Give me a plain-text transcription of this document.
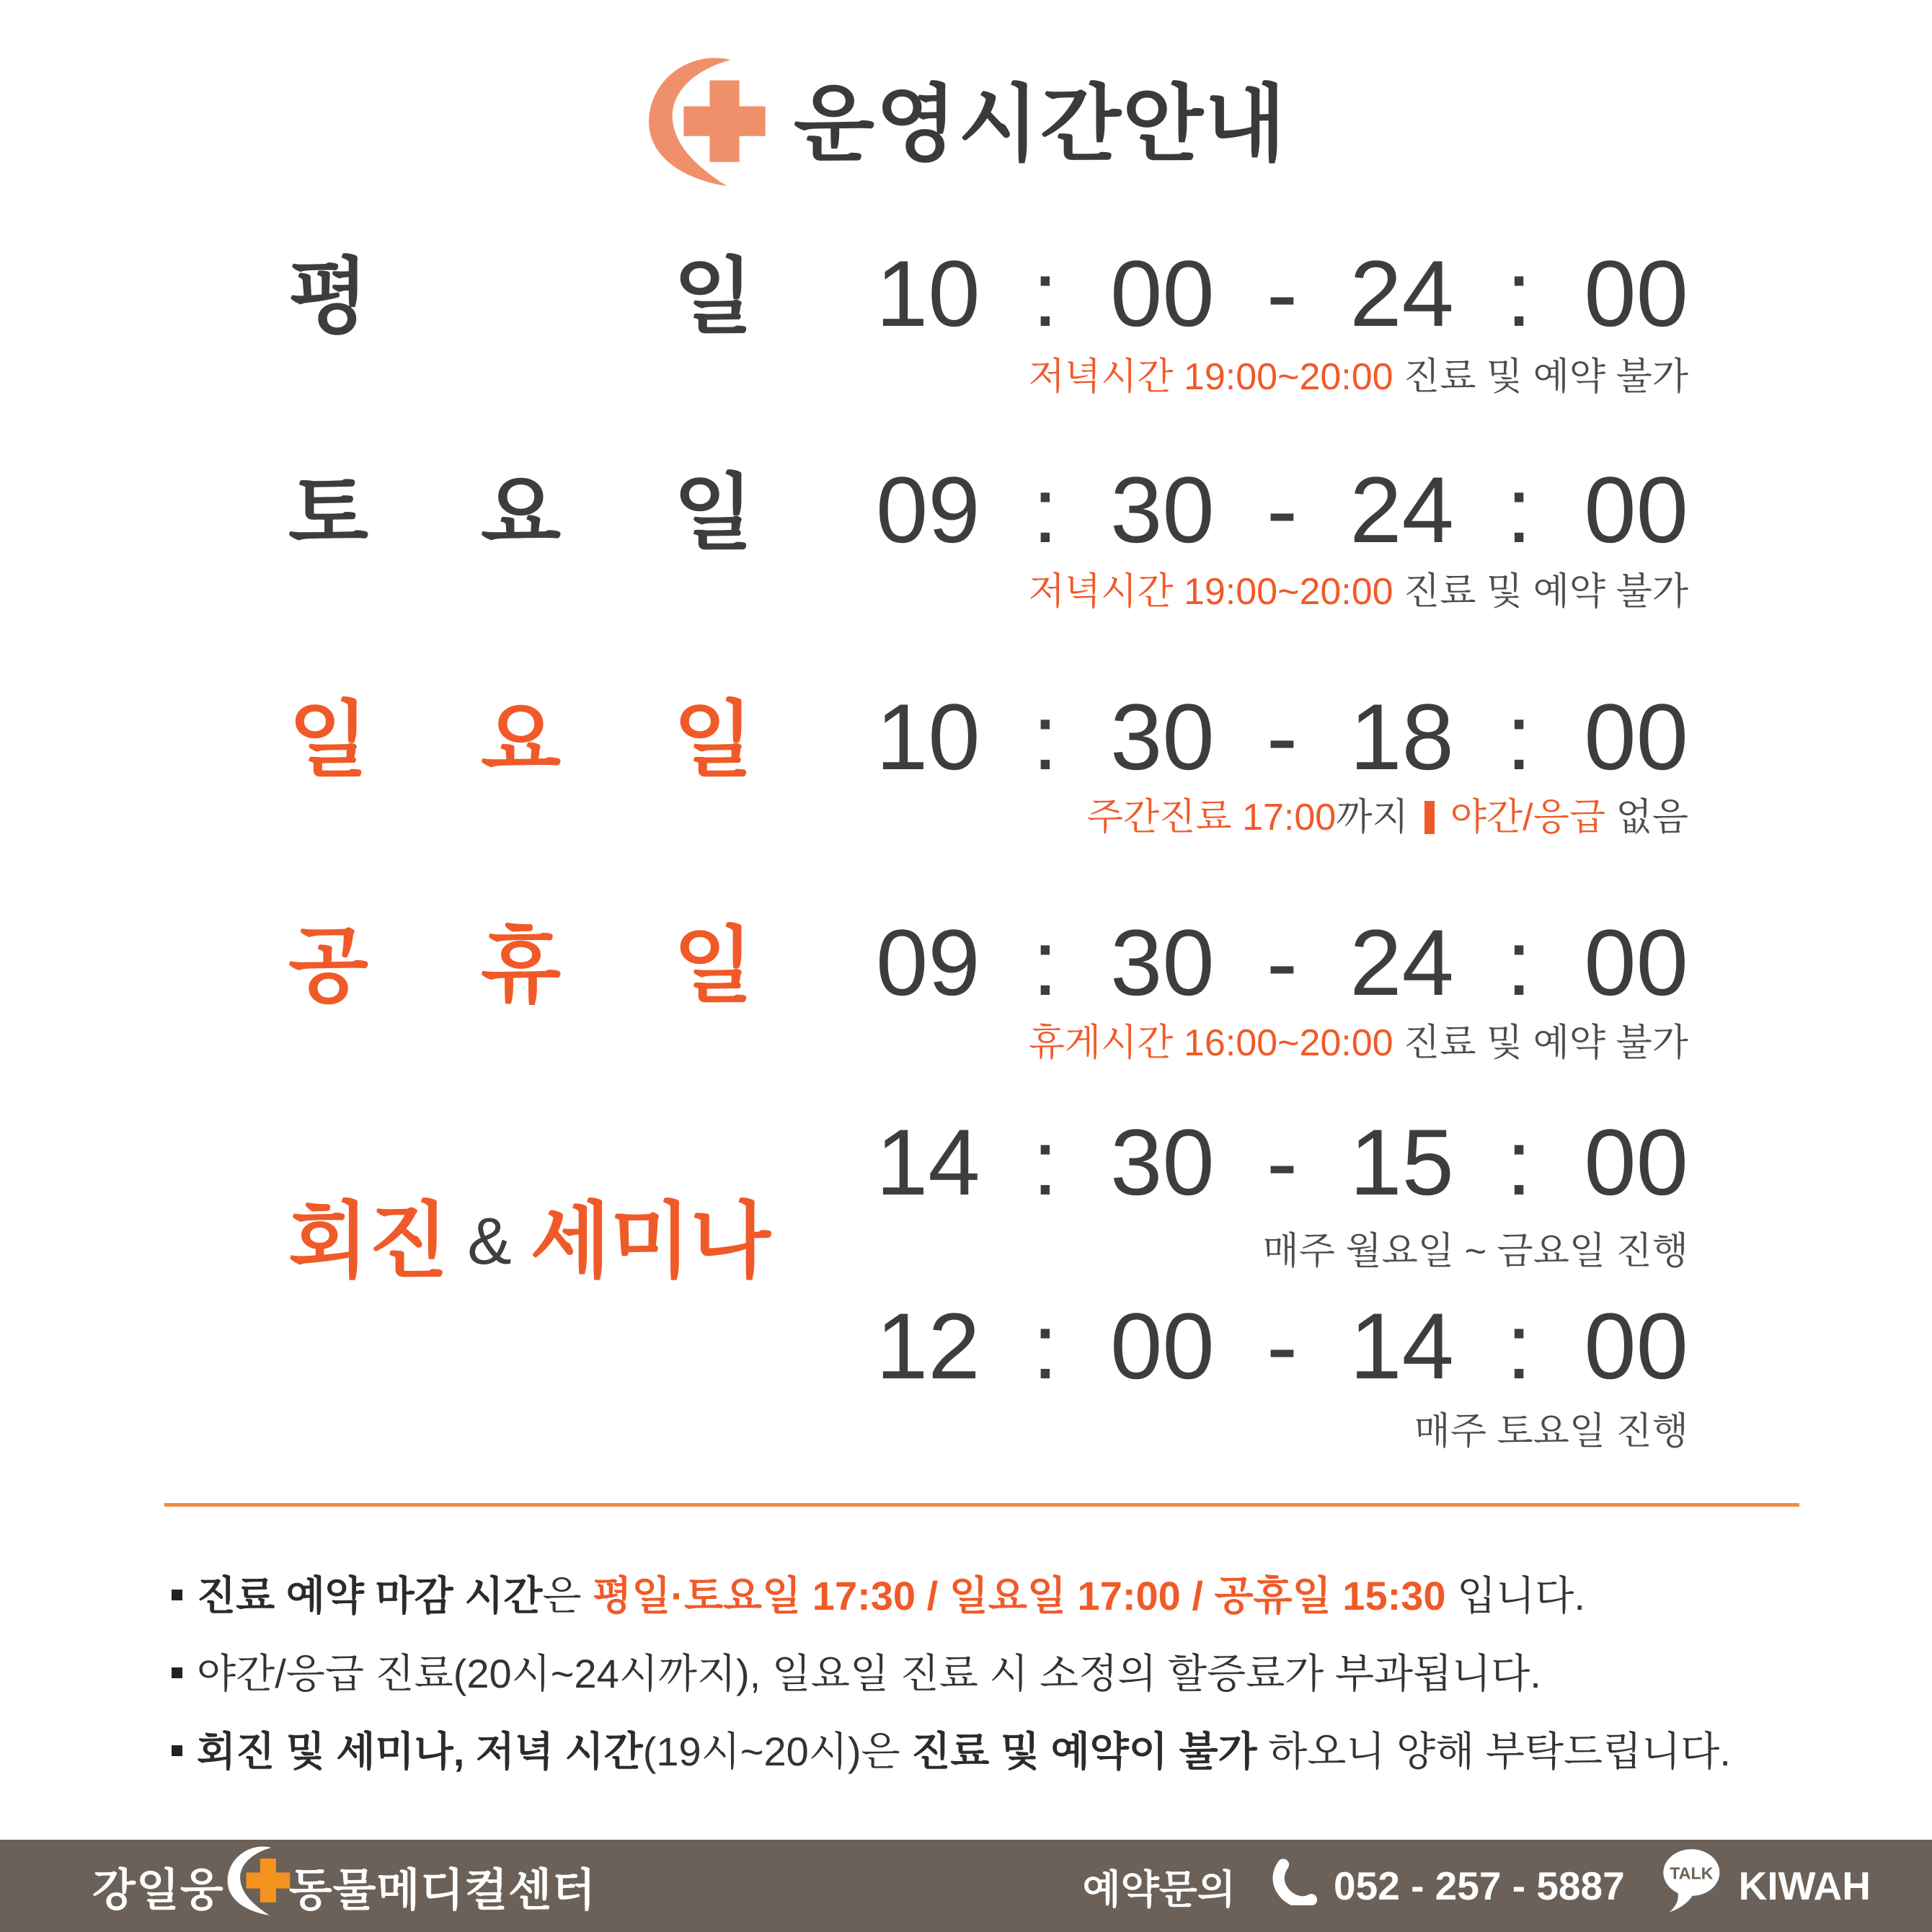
운영시간안내
평	일 10 : 00 - 24 : 00
저녁시간 19:00~20:00 진료 및 예약 불가
토 요 일 09 : 30 - 24 : 00
저녁시간 19:00~20:00 진료 및 예약 불가
일 요 일 10 : 30 - 18 : 00
주간진료 17:00까지 야간/응급 없음
공 휴 일 09 : 30 - 24 : 00
휴게시간 16:00~20:00 진료 및 예약 불가
회진 & 세미나
14 : 30 - 15 : 00
매주 월요일 ~ 금요일 진행
12 : 00 - 14 : 00
매주 토요일 진행
진료 예약 마감 시간은 평일·토요일 17:30 / 일요일 17:00 / 공휴일 15:30 입니다.
야간/응급 진료(20시~24시까지), 일요일 진료 시 소정의 할증료가 부과됩니다.
회진 및 세미나, 저녁 시간(19시~20시)은 진료 및 예약이 불가 하오니 양해 부탁드립니다.
강일웅 동물메디컬센터	예약문의 052 - 257 - 5887 TALK KIWAH
